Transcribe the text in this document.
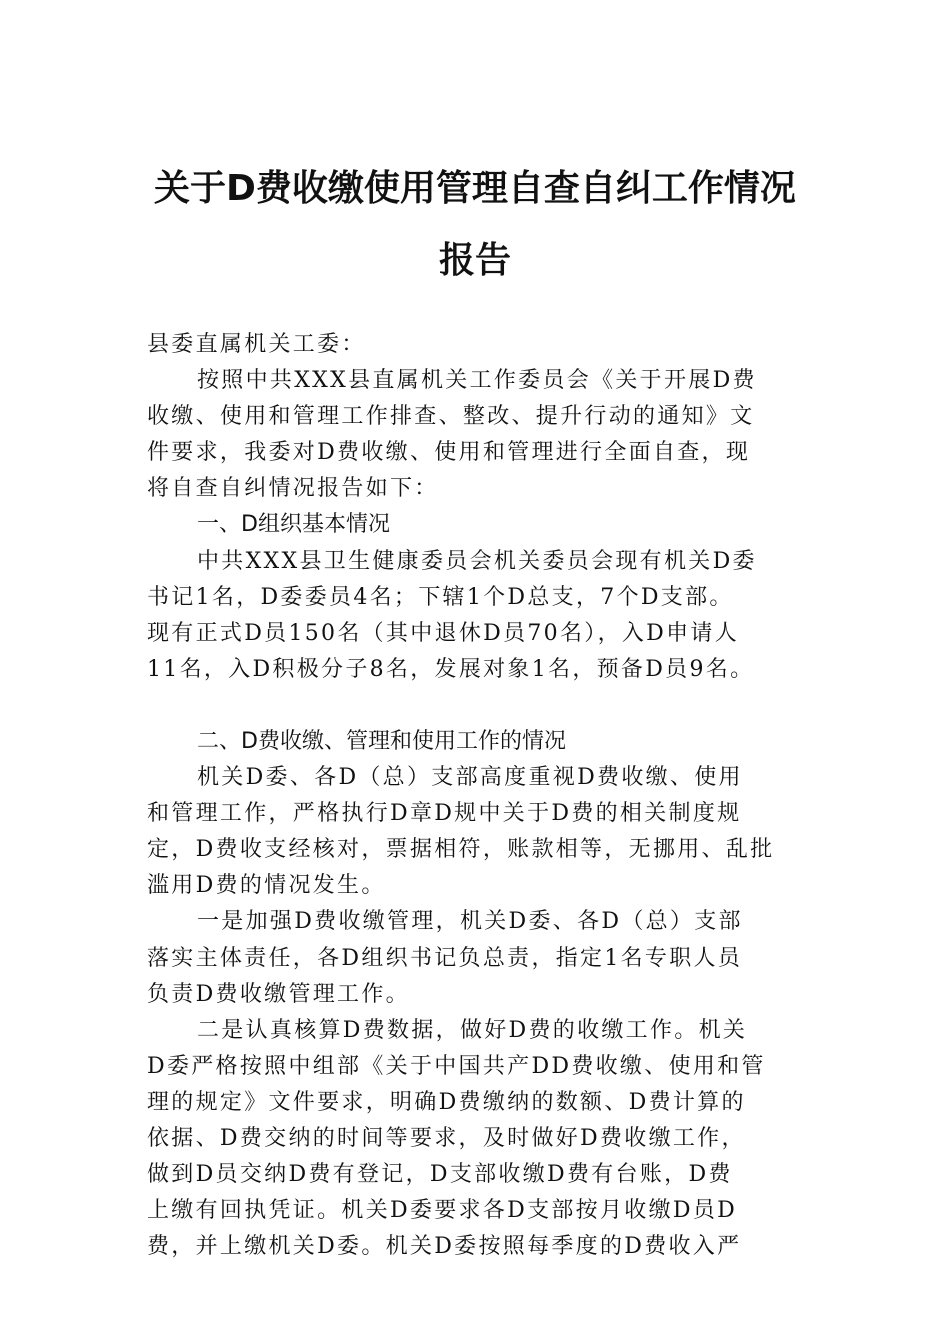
关于D费收缴使用管理自查自纠工作情况
报告
县委直属机关工委：
按照中共XXX县直属机关工作委员会《关于开展D费
收缴、使用和管理工作排查、整改、提升行动的通知》文
件要求，我委对D费收缴、使用和管理进行全面自查，现
将自查自纠情况报告如下：
一、D组织基本情况
中共XXX县卫生健康委员会机关委员会现有机关D委
书记1名，D委委员4名；下辖1个D总支，7个D支部。
现有正式D员150名（其中退休D员70名），入D申请人
11名，入D积极分子8名，发展对象1名，预备D员9名。
二、D费收缴、管理和使用工作的情况
机关D委、各D（总）支部高度重视D费收缴、使用
和管理工作，严格执行D章D规中关于D费的相关制度规
定，D费收支经核对，票据相符，账款相等，无挪用、乱批
滥用D费的情况发生。
一是加强D费收缴管理，机关D委、各D（总）支部
落实主体责任，各D组织书记负总责，指定1名专职人员
负责D费收缴管理工作。
二是认真核算D费数据，做好D费的收缴工作。机关
D委严格按照中组部《关于中国共产DD费收缴、使用和管
理的规定》文件要求，明确D费缴纳的数额、D费计算的
依据、D费交纳的时间等要求，及时做好D费收缴工作，
做到D员交纳D费有登记，D支部收缴D费有台账，D费
上缴有回执凭证。机关D委要求各D支部按月收缴D员D
费，并上缴机关D委。机关D委按照每季度的D费收入严
